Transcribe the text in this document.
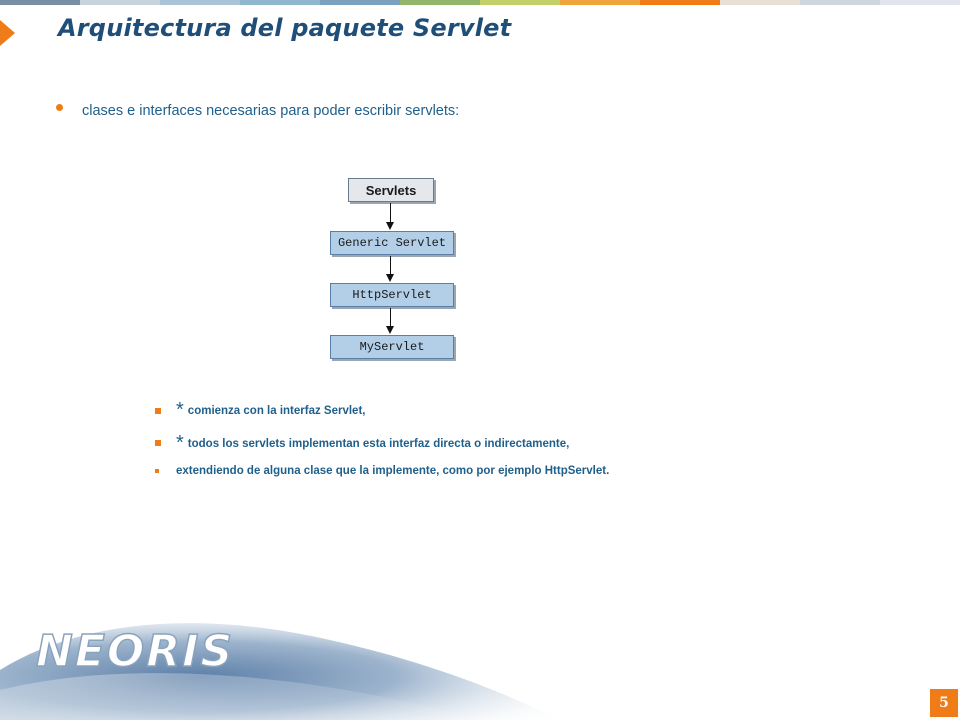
Arquitectura del paquete Servlet
clases e interfaces necesarias para poder escribir servlets:
Servlets
Generic Servlet
HttpServlet
MyServlet
* comienza con la interfaz Servlet,
* todos los servlets implementan esta interfaz directa o indirectamente,
extendiendo de alguna clase que la implemente, como por ejemplo HttpServlet.
NEORIS
5
